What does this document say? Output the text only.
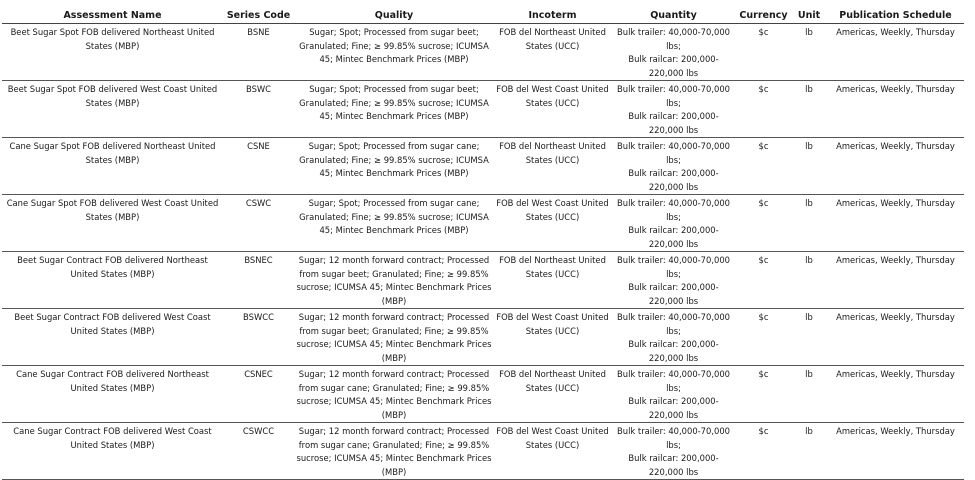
Assessment Name	Series Code	Quality	Incoterm	Quantity	Currency	Unit	Publication Schedule
Beet Sugar Spot FOB delivered Northeast United States (MBP)	BSNE	Sugar; Spot; Processed from sugar beet; Granulated; Fine; ≥ 99.85% sucrose; ICUMSA 45; Mintec Benchmark Prices (MBP)	FOB del Northeast United States (UCC)	Bulk trailer: 40,000-70,000 lbs;
Bulk railcar: 200,000-220,000 lbs	$c	lb	Americas, Weekly, Thursday
Beet Sugar Spot FOB delivered West Coast United States (MBP)	BSWC	Sugar; Spot; Processed from sugar beet; Granulated; Fine; ≥ 99.85% sucrose; ICUMSA 45; Mintec Benchmark Prices (MBP)	FOB del West Coast United States (UCC)	Bulk trailer: 40,000-70,000 lbs;
Bulk railcar: 200,000-220,000 lbs	$c	lb	Americas, Weekly, Thursday
Cane Sugar Spot FOB delivered Northeast United States (MBP)	CSNE	Sugar; Spot; Processed from sugar cane; Granulated; Fine; ≥ 99.85% sucrose; ICUMSA 45; Mintec Benchmark Prices (MBP)	FOB del Northeast United States (UCC)	Bulk trailer: 40,000-70,000 lbs;
Bulk railcar: 200,000-220,000 lbs	$c	lb	Americas, Weekly, Thursday
Cane Sugar Spot FOB delivered West Coast United States (MBP)	CSWC	Sugar; Spot; Processed from sugar cane; Granulated; Fine; ≥ 99.85% sucrose; ICUMSA 45; Mintec Benchmark Prices (MBP)	FOB del West Coast United States (UCC)	Bulk trailer: 40,000-70,000 lbs;
Bulk railcar: 200,000-220,000 lbs	$c	lb	Americas, Weekly, Thursday
Beet Sugar Contract FOB delivered Northeast United States (MBP)	BSNEC	Sugar; 12 month forward contract; Processed from sugar beet; Granulated; Fine; ≥ 99.85% sucrose; ICUMSA 45; Mintec Benchmark Prices (MBP)	FOB del Northeast United States (UCC)	Bulk trailer: 40,000-70,000 lbs;
Bulk railcar: 200,000-220,000 lbs	$c	lb	Americas, Weekly, Thursday
Beet Sugar Contract FOB delivered West Coast United States (MBP)	BSWCC	Sugar; 12 month forward contract; Processed from sugar beet; Granulated; Fine; ≥ 99.85% sucrose; ICUMSA 45; Mintec Benchmark Prices (MBP)	FOB del West Coast United States (UCC)	Bulk trailer: 40,000-70,000 lbs;
Bulk railcar: 200,000-220,000 lbs	$c	lb	Americas, Weekly, Thursday
Cane Sugar Contract FOB delivered Northeast United States (MBP)	CSNEC	Sugar; 12 month forward contract; Processed from sugar cane; Granulated; Fine; ≥ 99.85% sucrose; ICUMSA 45; Mintec Benchmark Prices (MBP)	FOB del Northeast United States (UCC)	Bulk trailer: 40,000-70,000 lbs;
Bulk railcar: 200,000-220,000 lbs	$c	lb	Americas, Weekly, Thursday
Cane Sugar Contract FOB delivered West Coast United States (MBP)	CSWCC	Sugar; 12 month forward contract; Processed from sugar cane; Granulated; Fine; ≥ 99.85% sucrose; ICUMSA 45; Mintec Benchmark Prices (MBP)	FOB del West Coast United States (UCC)	Bulk trailer: 40,000-70,000 lbs;
Bulk railcar: 200,000-220,000 lbs	$c	lb	Americas, Weekly, Thursday
